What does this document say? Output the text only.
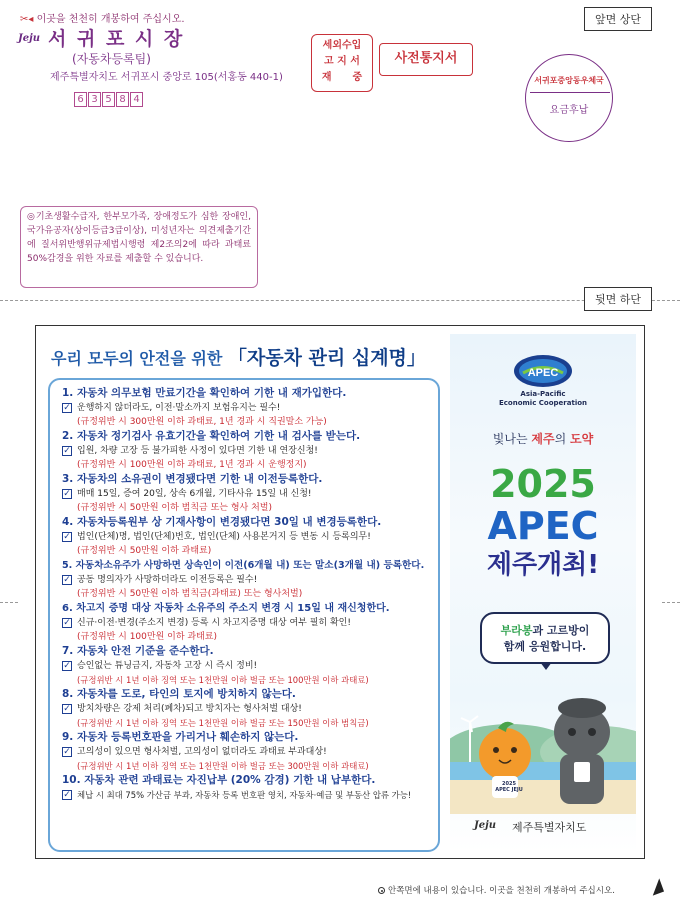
✂◂ 이곳을 천천히 개봉하여 주십시오.	앞면 상단
Jeju 서 귀 포 시 장
(자동차등록팀)
제주특별자치도 서귀포시 중앙로 105(서홍동 440-1)
6 3 5 8 4
세외수입
고 지 서
재      중
사전통지서
서귀포중앙동우체국
요금후납
◎기초생활수급자, 한부모가족, 장애정도가 심한 장애인, 국가유공자(상이등급3급이상), 미성년자는 의견제출기간에 질서위반행위규제법시행령 제2조의2에 따라 과태료50%감경을 위한 자료를 제출할 수 있습니다.
뒷면 하단
우리 모두의 안전을 위한 「자동차 관리 십계명」
1. 자동차 의무보험 만료기간을 확인하여 기한 내 재가입한다.
✓ 운행하지 않더라도, 이전·말소까지 보험유지는 필수!
(규정위반 시 300만원 이하 과태료, 1년 경과 시 직권말소 가능)
2. 자동차 정기검사 유효기간을 확인하여 기한 내 검사를 받는다.
✓ 입원, 차량 고장 등 불가피한 사정이 있다면 기한 내 연장신청!
(규정위반 시 100만원 이하 과태료, 1년 경과 시 운행정지)
3. 자동차의 소유권이 변경됐다면 기한 내 이전등록한다.
✓ 매매 15일, 증여 20일, 상속 6개월, 기타사유 15일 내 신청!
(규정위반 시 50만원 이하 범칙금 또는 형사 처벌)
4. 자동차등록원부 상 기재사항이 변경됐다면 30일 내 변경등록한다.
✓ 법인(단체)명, 법인(단체)번호, 법인(단체) 사용본거지 등 변동 시 등록의무!
(규정위반 시 50만원 이하 과태료)
5. 자동차소유주가 사망하면 상속인이 이전(6개월 내) 또는 말소(3개월 내) 등록한다.
✓ 공동 명의자가 사망하더라도 이전등록은 필수!
(규정위반 시 50만원 이하 범칙금(과태료) 또는 형사처벌)
6. 차고지 증명 대상 자동차 소유주의 주소지 변경 시 15일 내 재신청한다.
✓ 신규·이전·변경(주소지 변경) 등록 시 차고지증명 대상 여부 필히 확인!
(규정위반 시 100만원 이하 과태료)
7. 자동차 안전 기준을 준수한다.
✓ 승인없는 튜닝금지, 자동차 고장 시 즉시 정비!
(규정위반 시 1년 이하 징역 또는 1천만원 이하 벌금 또는 100만원 이하 과태료)
8. 자동차를 도로, 타인의 토지에 방치하지 않는다.
✓ 방치차량은 강제 처리(폐차)되고 방치자는 형사처벌 대상!
(규정위반 시 1년 이하 징역 또는 1천만원 이하 벌금 또는 150만원 이하 범칙금)
9. 자동차 등록번호판을 가리거나 훼손하지 않는다.
✓ 고의성이 있으면 형사처벌, 고의성이 없더라도 과태료 부과대상!
(규정위반 시 1년 이하 징역 또는 1천만원 이하 벌금 또는 300만원 이하 과태료)
10. 자동차 관련 과태료는 자진납부 (20% 감경) 기한 내 납부한다.
✓ 체납 시 최대 75% 가산금 부과, 자동차 등록 번호판 영치, 자동차·예금 및 부동산 압류 가능!
APEC
Asia-Pacific
Economic Cooperation
빛나는 제주의 도약
2025
APEC
제주개최!
부라봉과 고르방이
함께 응원합니다.
2025 APEC JEJU
Jeju 제주특별자치도
안쪽면에 내용이 있습니다. 이곳을 천천히 개봉하여 주십시오.
